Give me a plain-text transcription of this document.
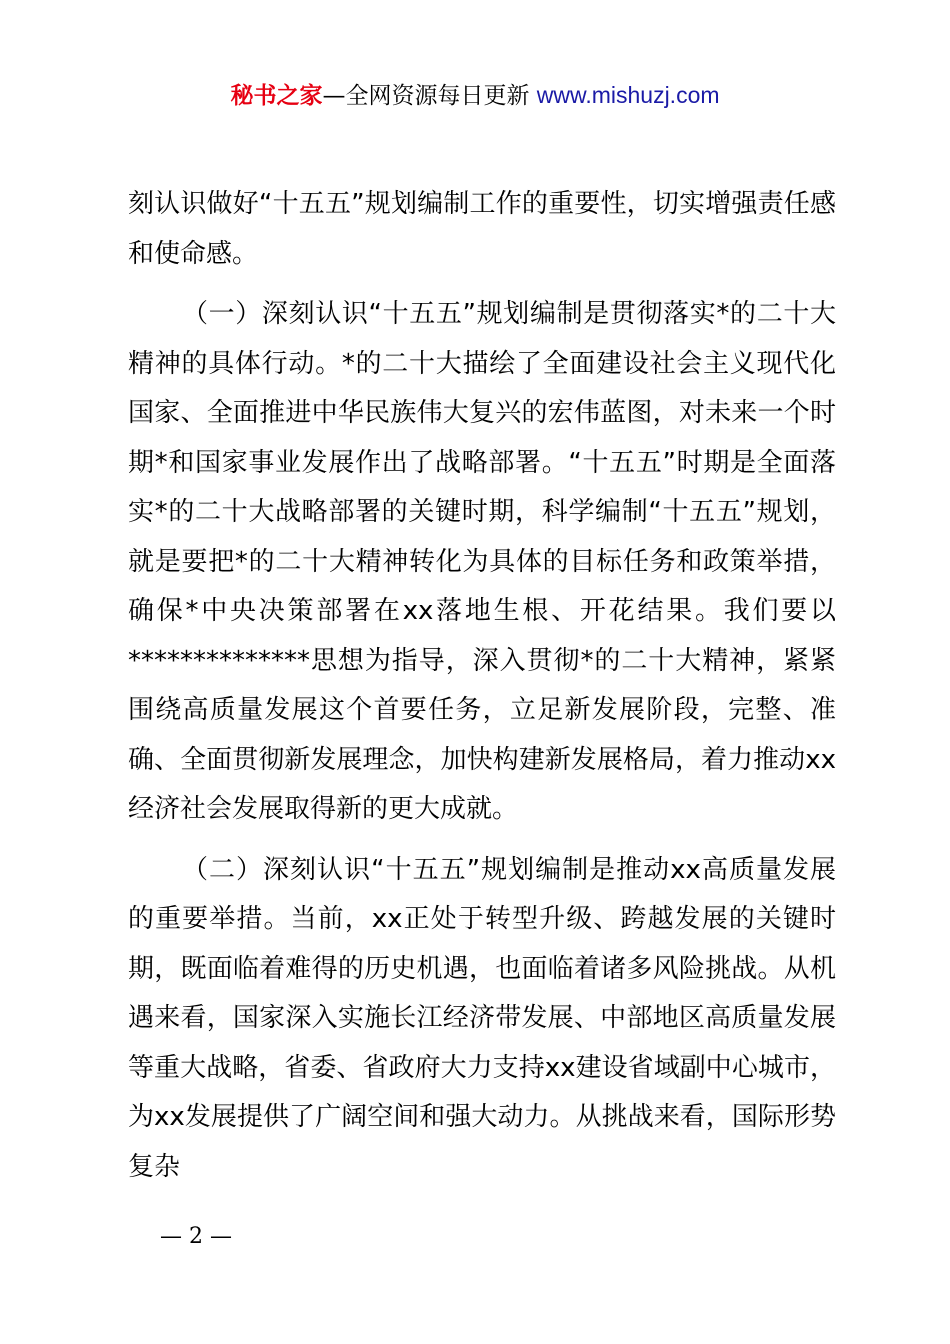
秘书之家—全网资源每日更新 www.mishuzj.com

刻认识做好“十五五”规划编制工作的重要性，切实增强责任感和使命感。

（一）深刻认识“十五五”规划编制是贯彻落实*的二十大精神的具体行动。*的二十大描绘了全面建设社会主义现代化国家、全面推进中华民族伟大复兴的宏伟蓝图，对未来一个时期*和国家事业发展作出了战略部署。“十五五”时期是全面落实*的二十大战略部署的关键时期，科学编制“十五五”规划，就是要把*的二十大精神转化为具体的目标任务和政策举措，确保*中央决策部署在xx落地生根、开花结果。我们要以**************思想为指导，深入贯彻*的二十大精神，紧紧围绕高质量发展这个首要任务，立足新发展阶段，完整、准确、全面贯彻新发展理念，加快构建新发展格局，着力推动xx经济社会发展取得新的更大成就。

（二）深刻认识“十五五”规划编制是推动xx高质量发展的重要举措。当前，xx正处于转型升级、跨越发展的关键时期，既面临着难得的历史机遇，也面临着诸多风险挑战。从机遇来看，国家深入实施长江经济带发展、中部地区高质量发展等重大战略，省委、省政府大力支持xx建设省域副中心城市，为xx发展提供了广阔空间和强大动力。从挑战来看，国际形势复杂

— 2 —
